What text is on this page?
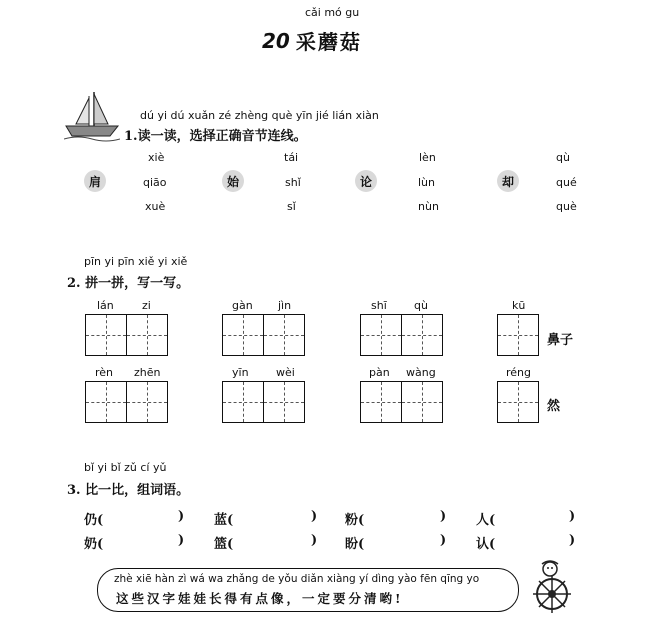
cǎi mó gu
20 采蘑菇
dú yi dú xuǎn zé zhèng què yīn jié lián xiàn
1.读一读，选择正确音节连线。
肩
xiè
qiāo
xuè
始
tái
shǐ
sǐ
论
lèn
lùn
nùn
却
qù
qué
què
pīn yi pīn xiě yi xiě
2. 拼一拼，写一写。
lán	zi	gàn jìn	shī qù	kū
鼻子
rèn zhēn	yīn wèi	pàn wàng	réng
然
bǐ yi bǐ zǔ cí yǔ
3. 比一比，组词语。
仍(	) 蓝(	) 粉(	) 人(	)
奶(	) 篮(	) 盼(	) 认(	)
zhè xiē hàn zì wá wa zhǎng de yǒu diǎn xiàng yí dìng yào fēn qīng yo
这些汉字娃娃长得有点像，一定要分清哟!
